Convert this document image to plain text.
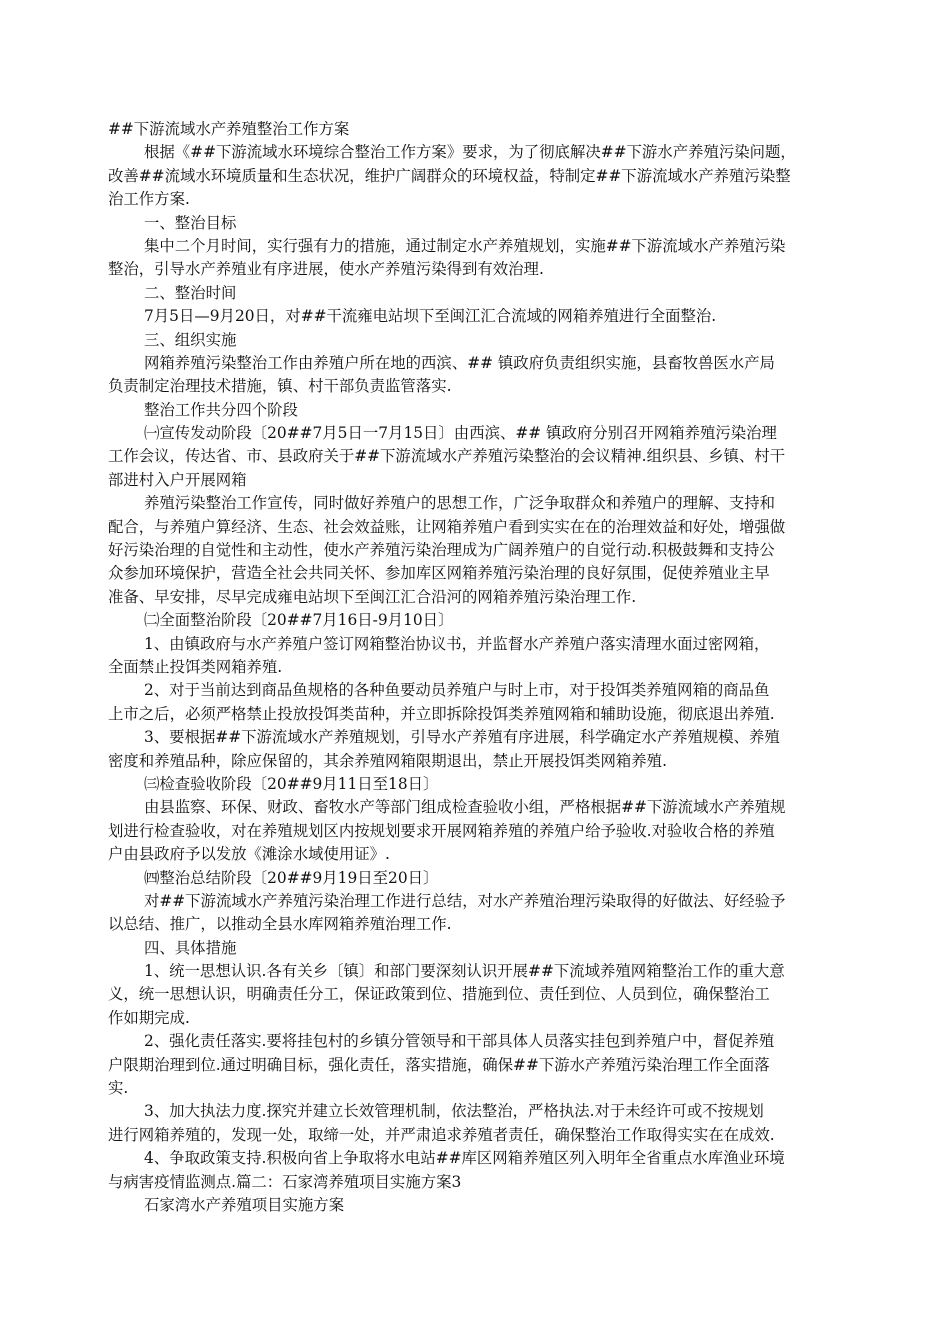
##下游流域水产养殖整治工作方案
根据《##下游流域水环境综合整治工作方案》要求，为了彻底解决##下游水产养殖污染问题，
改善##流域水环境质量和生态状况，维护广阔群众的环境权益，特制定##下游流域水产养殖污染整
治工作方案.
一、整治目标
集中二个月时间，实行强有力的措施，通过制定水产养殖规划，实施##下游流域水产养殖污染
整治，引导水产养殖业有序进展，使水产养殖污染得到有效治理.
二、整治时间
7月5日—9月20日，对##干流雍电站坝下至闽江汇合流域的网箱养殖进行全面整治.
三、组织实施
网箱养殖污染整治工作由养殖户所在地的西滨、## 镇政府负责组织实施，县畜牧兽医水产局
负责制定治理技术措施，镇、村干部负责监管落实.
整治工作共分四个阶段
㈠宣传发动阶段〔20##7月5日一7月15日〕由西滨、## 镇政府分别召开网箱养殖污染治理
工作会议，传达省、市、县政府关于##下游流域水产养殖污染整治的会议精神.组织县、乡镇、村干
部进村入户开展网箱
养殖污染整治工作宣传，同时做好养殖户的思想工作，广泛争取群众和养殖户的理解、支持和
配合，与养殖户算经济、生态、社会效益账，让网箱养殖户看到实实在在的治理效益和好处，增强做
好污染治理的自觉性和主动性，使水产养殖污染治理成为广阔养殖户的自觉行动.积极鼓舞和支持公
众参加环境保护，营造全社会共同关怀、参加库区网箱养殖污染治理的良好氛围，促使养殖业主早
准备、早安排，尽早完成雍电站坝下至闽江汇合沿河的网箱养殖污染治理工作.
㈡全面整治阶段〔20##7月16日-9月10日〕
1、由镇政府与水产养殖户签订网箱整治协议书，并监督水产养殖户落实清理水面过密网箱，
全面禁止投饵类网箱养殖.
2、对于当前达到商品鱼规格的各种鱼要动员养殖户与时上市，对于投饵类养殖网箱的商品鱼
上市之后，必须严格禁止投放投饵类苗种，并立即拆除投饵类养殖网箱和辅助设施，彻底退出养殖.
3、要根据##下游流域水产养殖规划，引导水产养殖有序进展，科学确定水产养殖规模、养殖
密度和养殖品种，除应保留的，其余养殖网箱限期退出，禁止开展投饵类网箱养殖.
㈢检查验收阶段〔20##9月11日至18日〕
由县监察、环保、财政、畜牧水产等部门组成检查验收小组，严格根据##下游流域水产养殖规
划进行检查验收，对在养殖规划区内按规划要求开展网箱养殖的养殖户给予验收.对验收合格的养殖
户由县政府予以发放《滩涂水域使用证》.
㈣整治总结阶段〔20##9月19日至20日〕
对##下游流域水产养殖污染治理工作进行总结，对水产养殖治理污染取得的好做法、好经验予
以总结、推广，以推动全县水库网箱养殖治理工作.
四、具体措施
1、统一思想认识.各有关乡〔镇〕和部门要深刻认识开展##下流域养殖网箱整治工作的重大意
义，统一思想认识，明确责任分工，保证政策到位、措施到位、责任到位、人员到位，确保整治工
作如期完成.
2、强化责任落实.要将挂包村的乡镇分管领导和干部具体人员落实挂包到养殖户中，督促养殖
户限期治理到位.通过明确目标，强化责任，落实措施，确保##下游水产养殖污染治理工作全面落
实.
3、加大执法力度.探究并建立长效管理机制，依法整治，严格执法.对于未经许可或不按规划
进行网箱养殖的，发现一处，取缔一处，并严肃追求养殖者责任，确保整治工作取得实实在在成效.
4、争取政策支持.积极向省上争取将水电站##库区网箱养殖区列入明年全省重点水库渔业环境
与病害疫情监测点.篇二：石家湾养殖项目实施方案3
石家湾水产养殖项目实施方案
